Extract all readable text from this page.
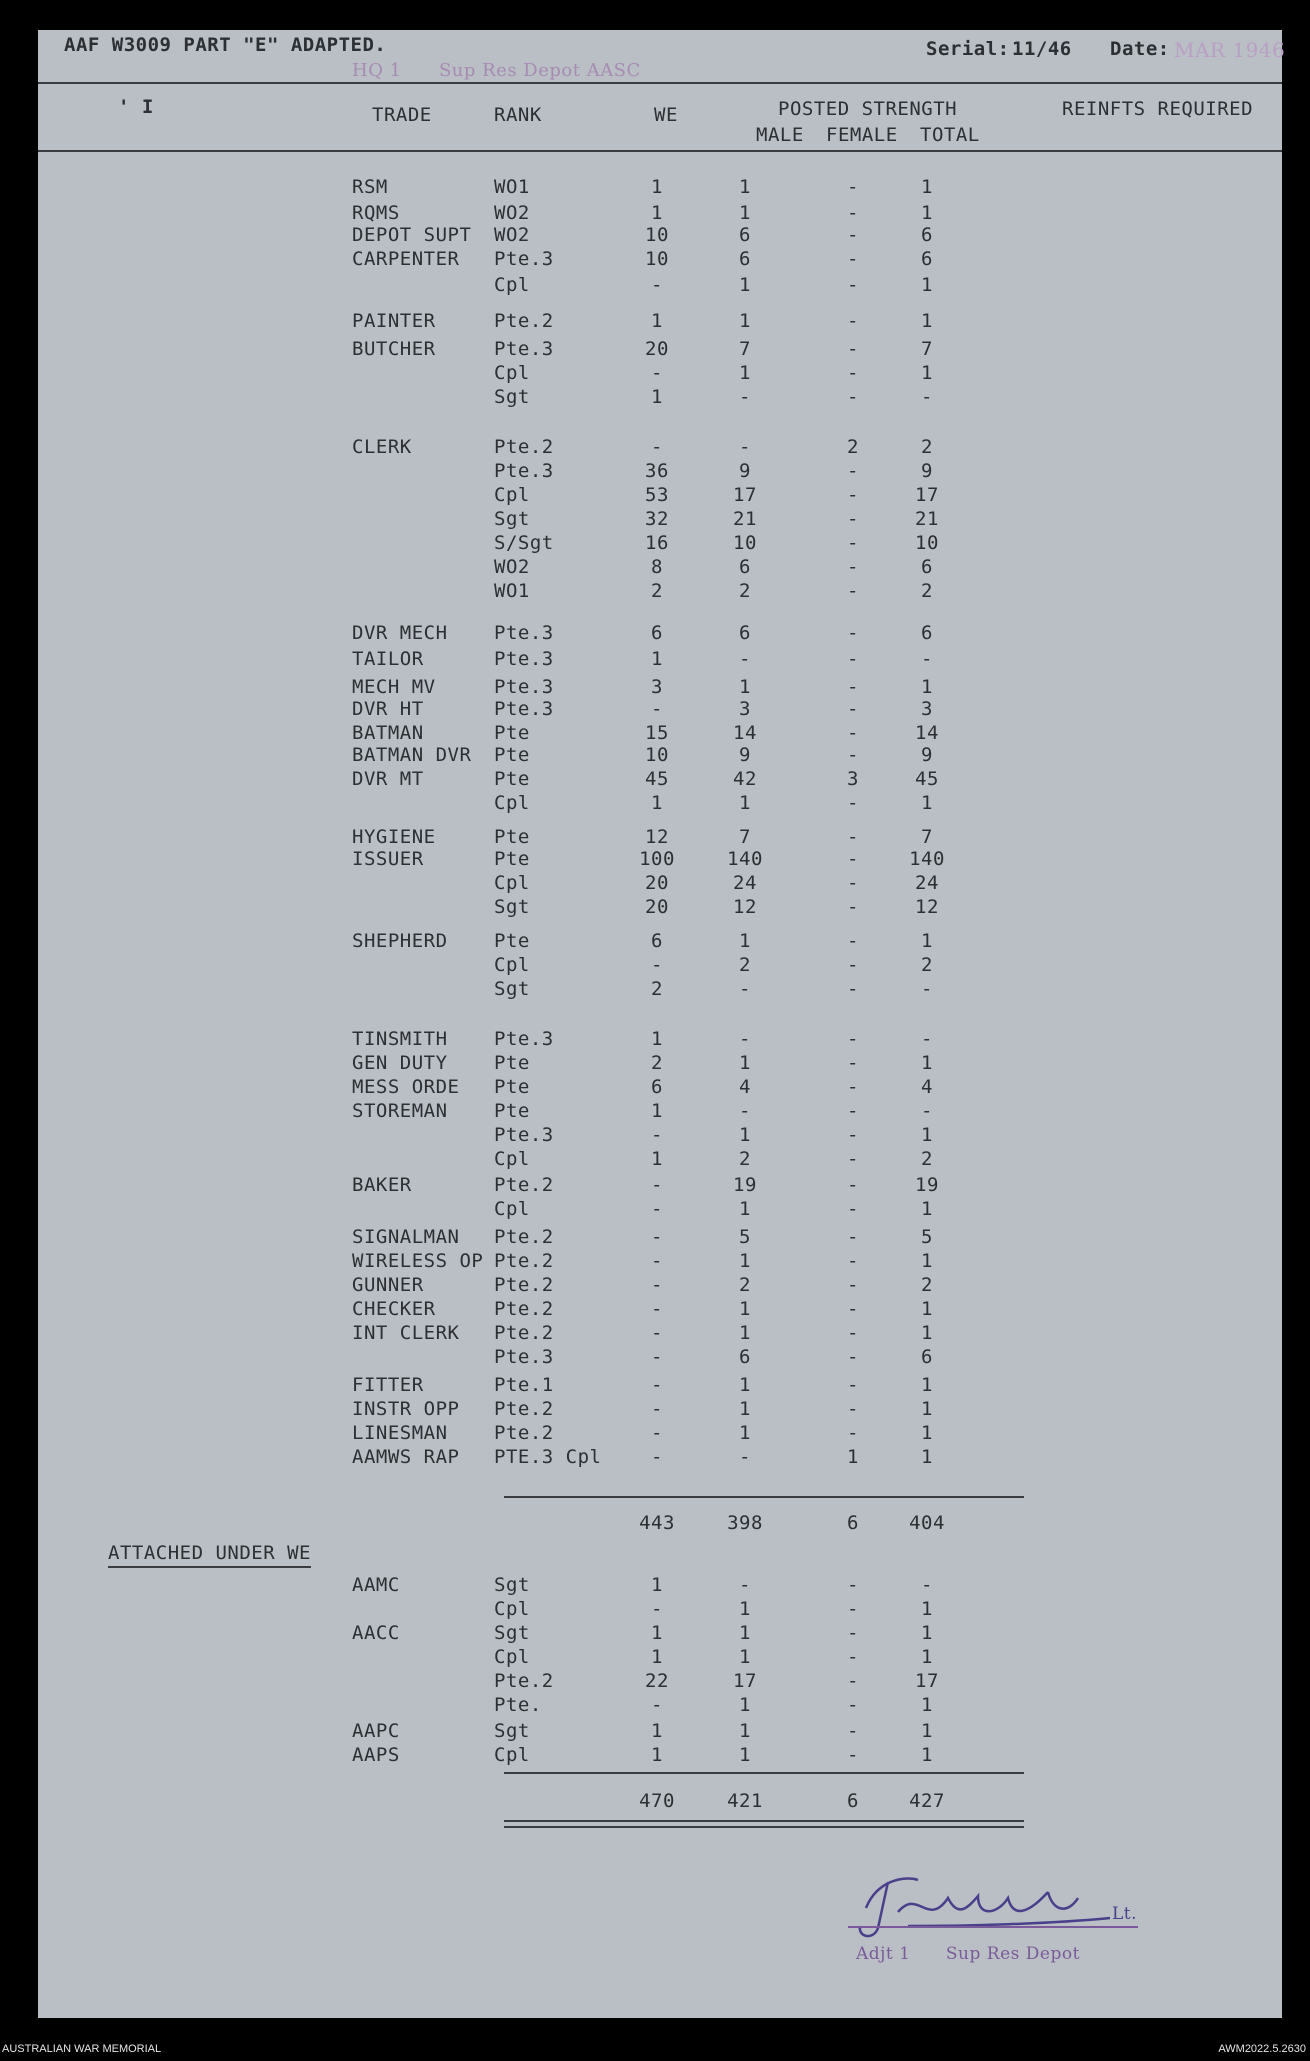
AAF W3009 PART "E" ADAPTED.
HQ 1      Sup Res Depot AASC
Serial: 11/46 Date: MAR 1946
' I	TRADE	RANK	WE	POSTED STRENGTH
MALE FEMALE TOTAL
REINFTS REQUIRED
RSM	WO1	1	1	-	1
RQMS	WO2	1	1	-	1
DEPOT SUPT	WO2	10	6	-	6
CARPENTER	Pte.3	10	6	-	6
Cpl	-	1	-	1
PAINTER	Pte.2	1	1	-	1
BUTCHER	Pte.3	20	7	-	7
Cpl	-	1	-	1
Sgt	1	-	-	-
CLERK	Pte.2	-	-	2	2
Pte.3	36	9	-	9
Cpl	53	17	-	17
Sgt	32	21	-	21
S/Sgt	16	10	-	10
WO2	8	6	-	6
WO1	2	2	-	2
DVR MECH	Pte.3	6	6	-	6
TAILOR	Pte.3	1	-	-	-
MECH MV	Pte.3	3	1	-	1
DVR HT	Pte.3	-	3	-	3
BATMAN	Pte	15	14	-	14
BATMAN DVR	Pte	10	9	-	9
DVR MT	Pte	45	42	3	45
Cpl	1	1	-	1
HYGIENE	Pte	12	7	-	7
ISSUER	Pte	100	140	-	140
Cpl	20	24	-	24
Sgt	20	12	-	12
SHEPHERD	Pte	6	1	-	1
Cpl	-	2	-	2
Sgt	2	-	-	-
TINSMITH	Pte.3	1	-	-	-
GEN DUTY	Pte	2	1	-	1
MESS ORDE	Pte	6	4	-	4
STOREMAN	Pte	1	-	-	-
Pte.3	-	1	-	1
Cpl	1	2	-	2
BAKER	Pte.2	-	19	-	19
Cpl	-	1	-	1
SIGNALMAN	Pte.2	-	5	-	5
WIRELESS OP Pte.2	-	1	-	1
GUNNER	Pte.2	-	2	-	2
CHECKER	Pte.2	-	1	-	1
INT CLERK	Pte.2	-	1	-	1
Pte.3	-	6	-	6
FITTER	Pte.1	-	1	-	1
INSTR OPP	Pte.2	-	1	-	1
LINESMAN	Pte.2	-	1	-	1
AAMWS RAP	PTE.3 Cpl	-	-	1	1
443	398	6	404
ATTACHED UNDER WE
AAMC	Sgt	1	-	-	-
Cpl	-	1	-	1
AACC	Sgt	1	1	-	1
Cpl	1	1	-	1
Pte.2	22	17	-	17
Pte.	-	1	-	1
AAPC	Sgt	1	1	-	1
AAPS	Cpl	1	1	-	1
470	421	6	427
Lt.
Adjt 1      Sup Res Depot
AUSTRALIAN WAR MEMORIAL	AWM2022.5.2630
